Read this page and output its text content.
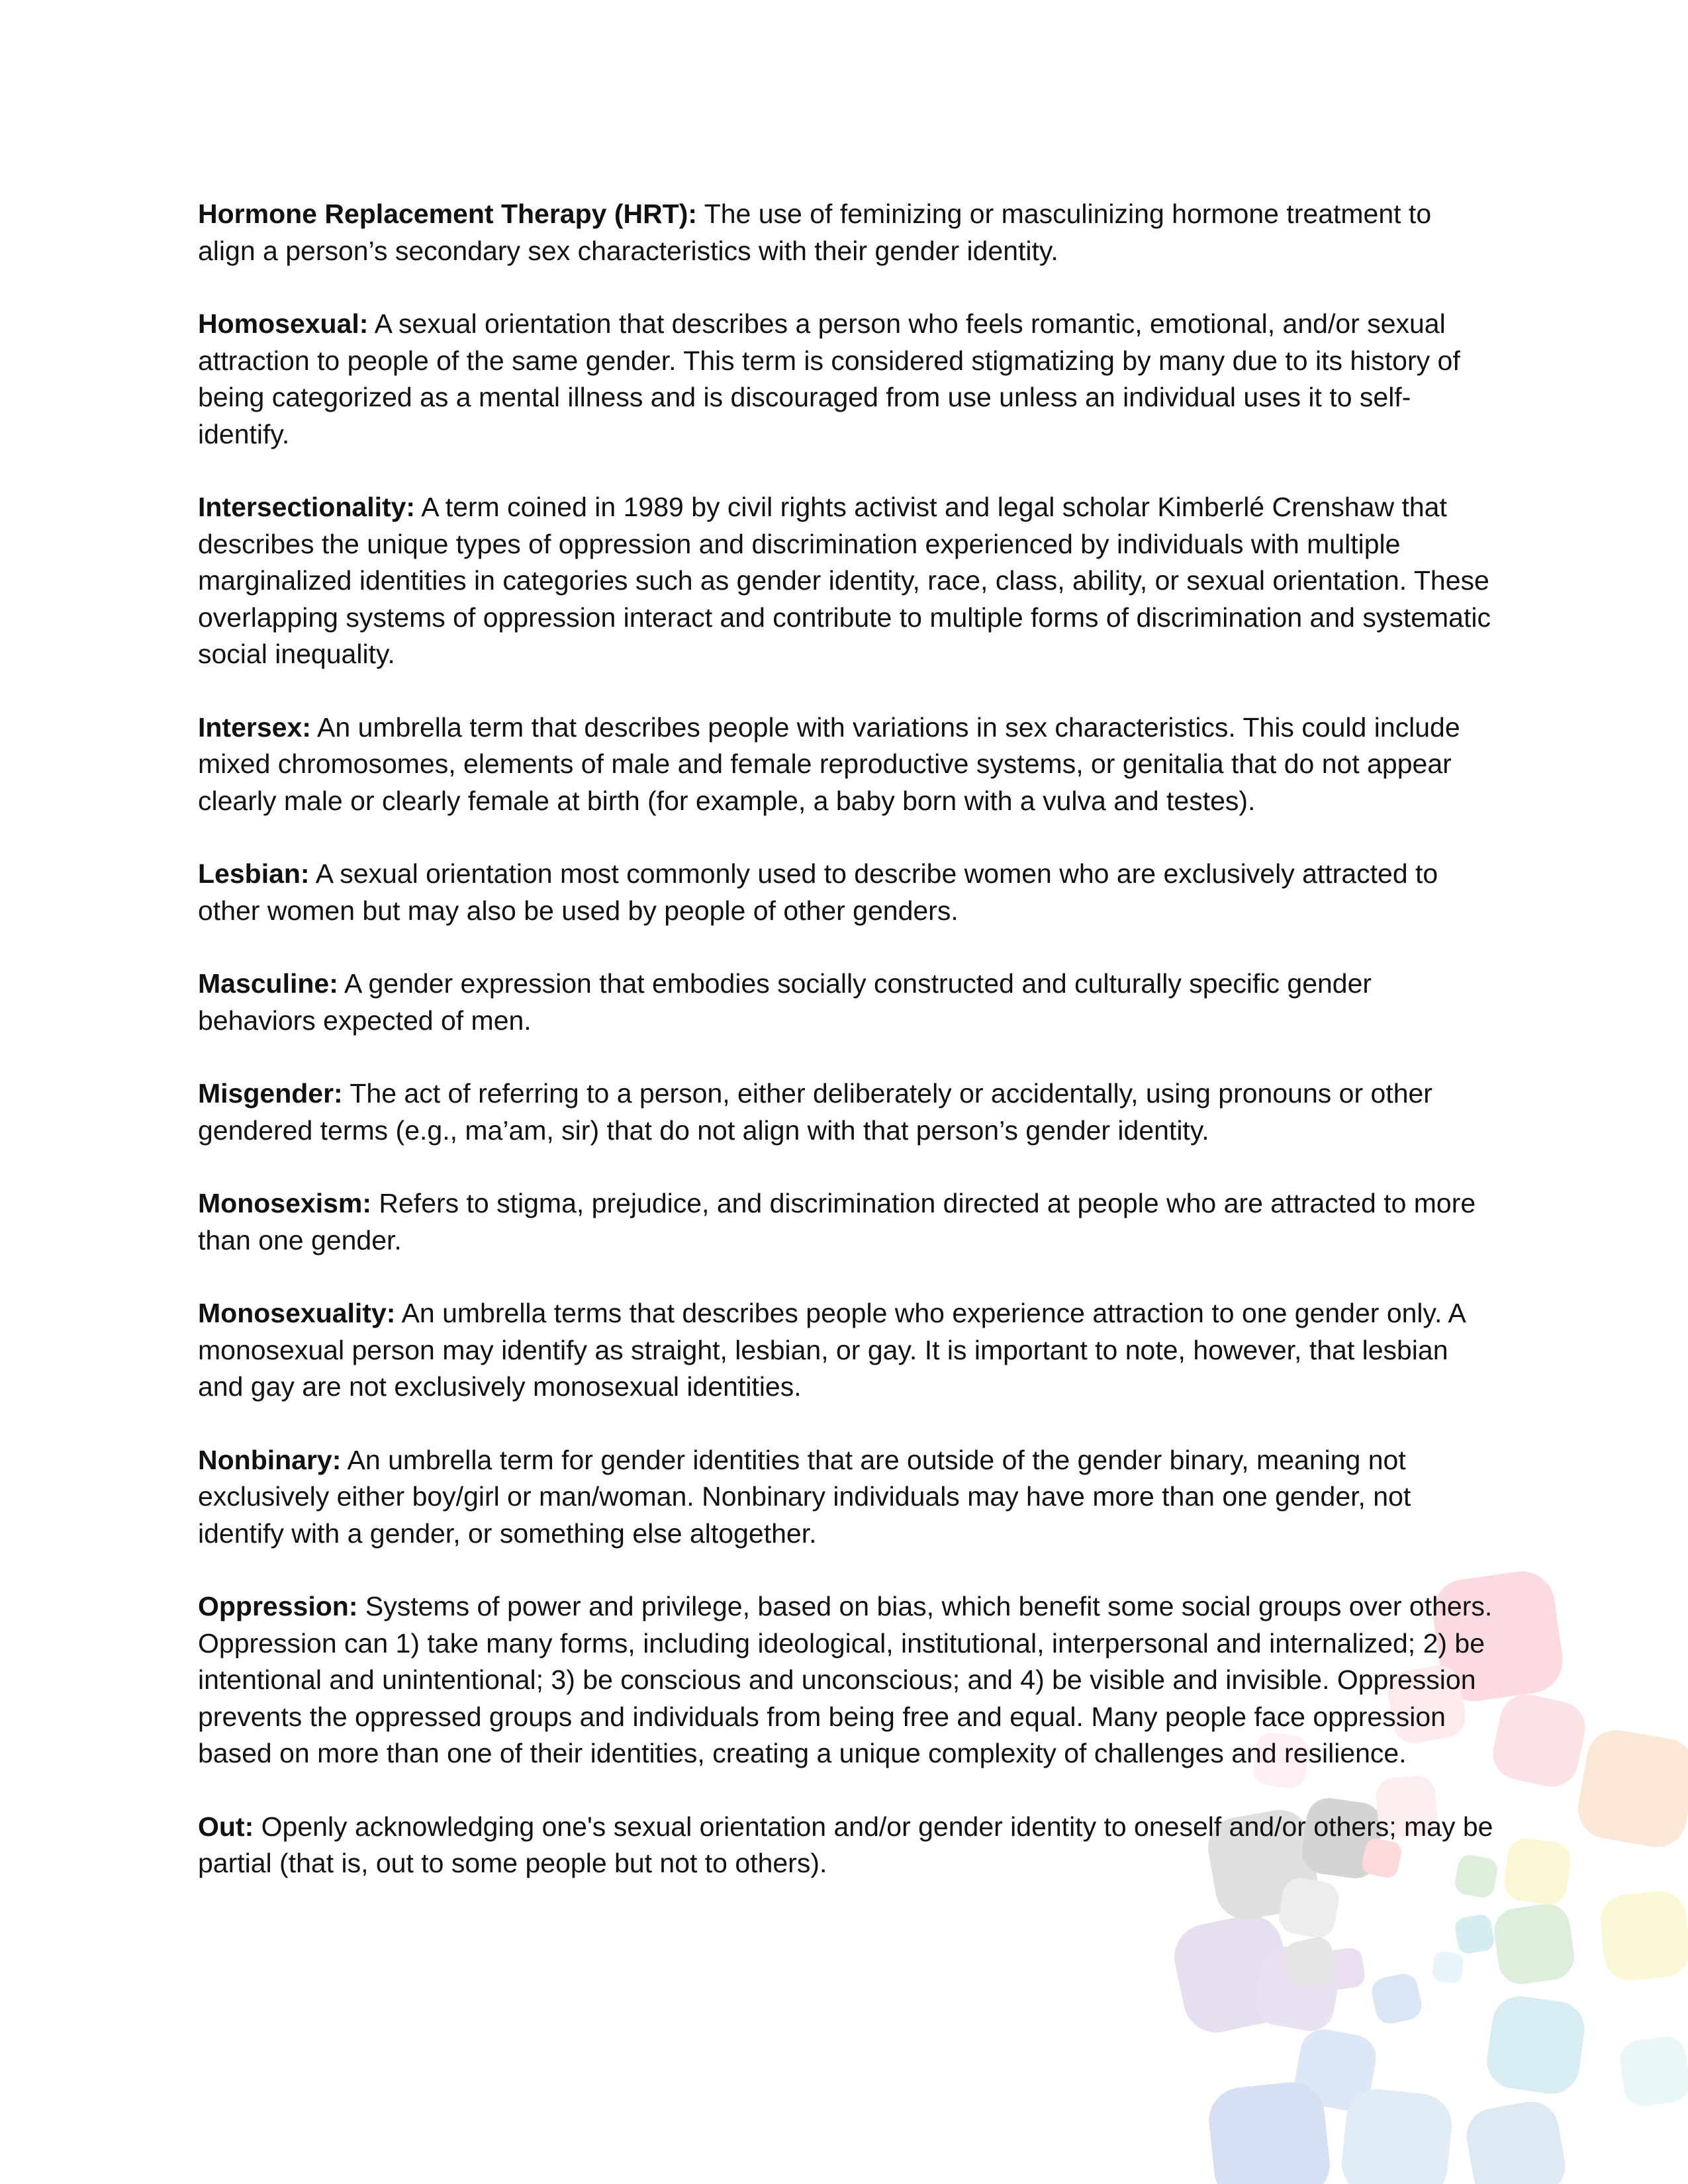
Hormone Replacement Therapy (HRT): The use of feminizing or masculinizing hormone treatment to align a person’s secondary sex characteristics with their gender identity.

Homosexual: A sexual orientation that describes a person who feels romantic, emotional, and/or sexual attraction to people of the same gender. This term is considered stigmatizing by many due to its history of being categorized as a mental illness and is discouraged from use unless an individual uses it to self-identify.

Intersectionality: A term coined in 1989 by civil rights activist and legal scholar Kimberlé Crenshaw that describes the unique types of oppression and discrimination experienced by individuals with multiple marginalized identities in categories such as gender identity, race, class, ability, or sexual orientation. These overlapping systems of oppression interact and contribute to multiple forms of discrimination and systematic social inequality.

Intersex: An umbrella term that describes people with variations in sex characteristics. This could include mixed chromosomes, elements of male and female reproductive systems, or genitalia that do not appear clearly male or clearly female at birth (for example, a baby born with a vulva and testes).

Lesbian: A sexual orientation most commonly used to describe women who are exclusively attracted to other women but may also be used by people of other genders.

Masculine: A gender expression that embodies socially constructed and culturally specific gender behaviors expected of men.

Misgender: The act of referring to a person, either deliberately or accidentally, using pronouns or other gendered terms (e.g., ma’am, sir) that do not align with that person’s gender identity.

Monosexism: Refers to stigma, prejudice, and discrimination directed at people who are attracted to more than one gender.

Monosexuality: An umbrella terms that describes people who experience attraction to one gender only. A monosexual person may identify as straight, lesbian, or gay. It is important to note, however, that lesbian and gay are not exclusively monosexual identities.

Nonbinary: An umbrella term for gender identities that are outside of the gender binary, meaning not exclusively either boy/girl or man/woman. Nonbinary individuals may have more than one gender, not identify with a gender, or something else altogether.

Oppression: Systems of power and privilege, based on bias, which benefit some social groups over others. Oppression can 1) take many forms, including ideological, institutional, interpersonal and internalized; 2) be intentional and unintentional; 3) be conscious and unconscious; and 4) be visible and invisible. Oppression prevents the oppressed groups and individuals from being free and equal. Many people face oppression based on more than one of their identities, creating a unique complexity of challenges and resilience.

Out: Openly acknowledging one's sexual orientation and/or gender identity to oneself and/or others; may be partial (that is, out to some people but not to others).
